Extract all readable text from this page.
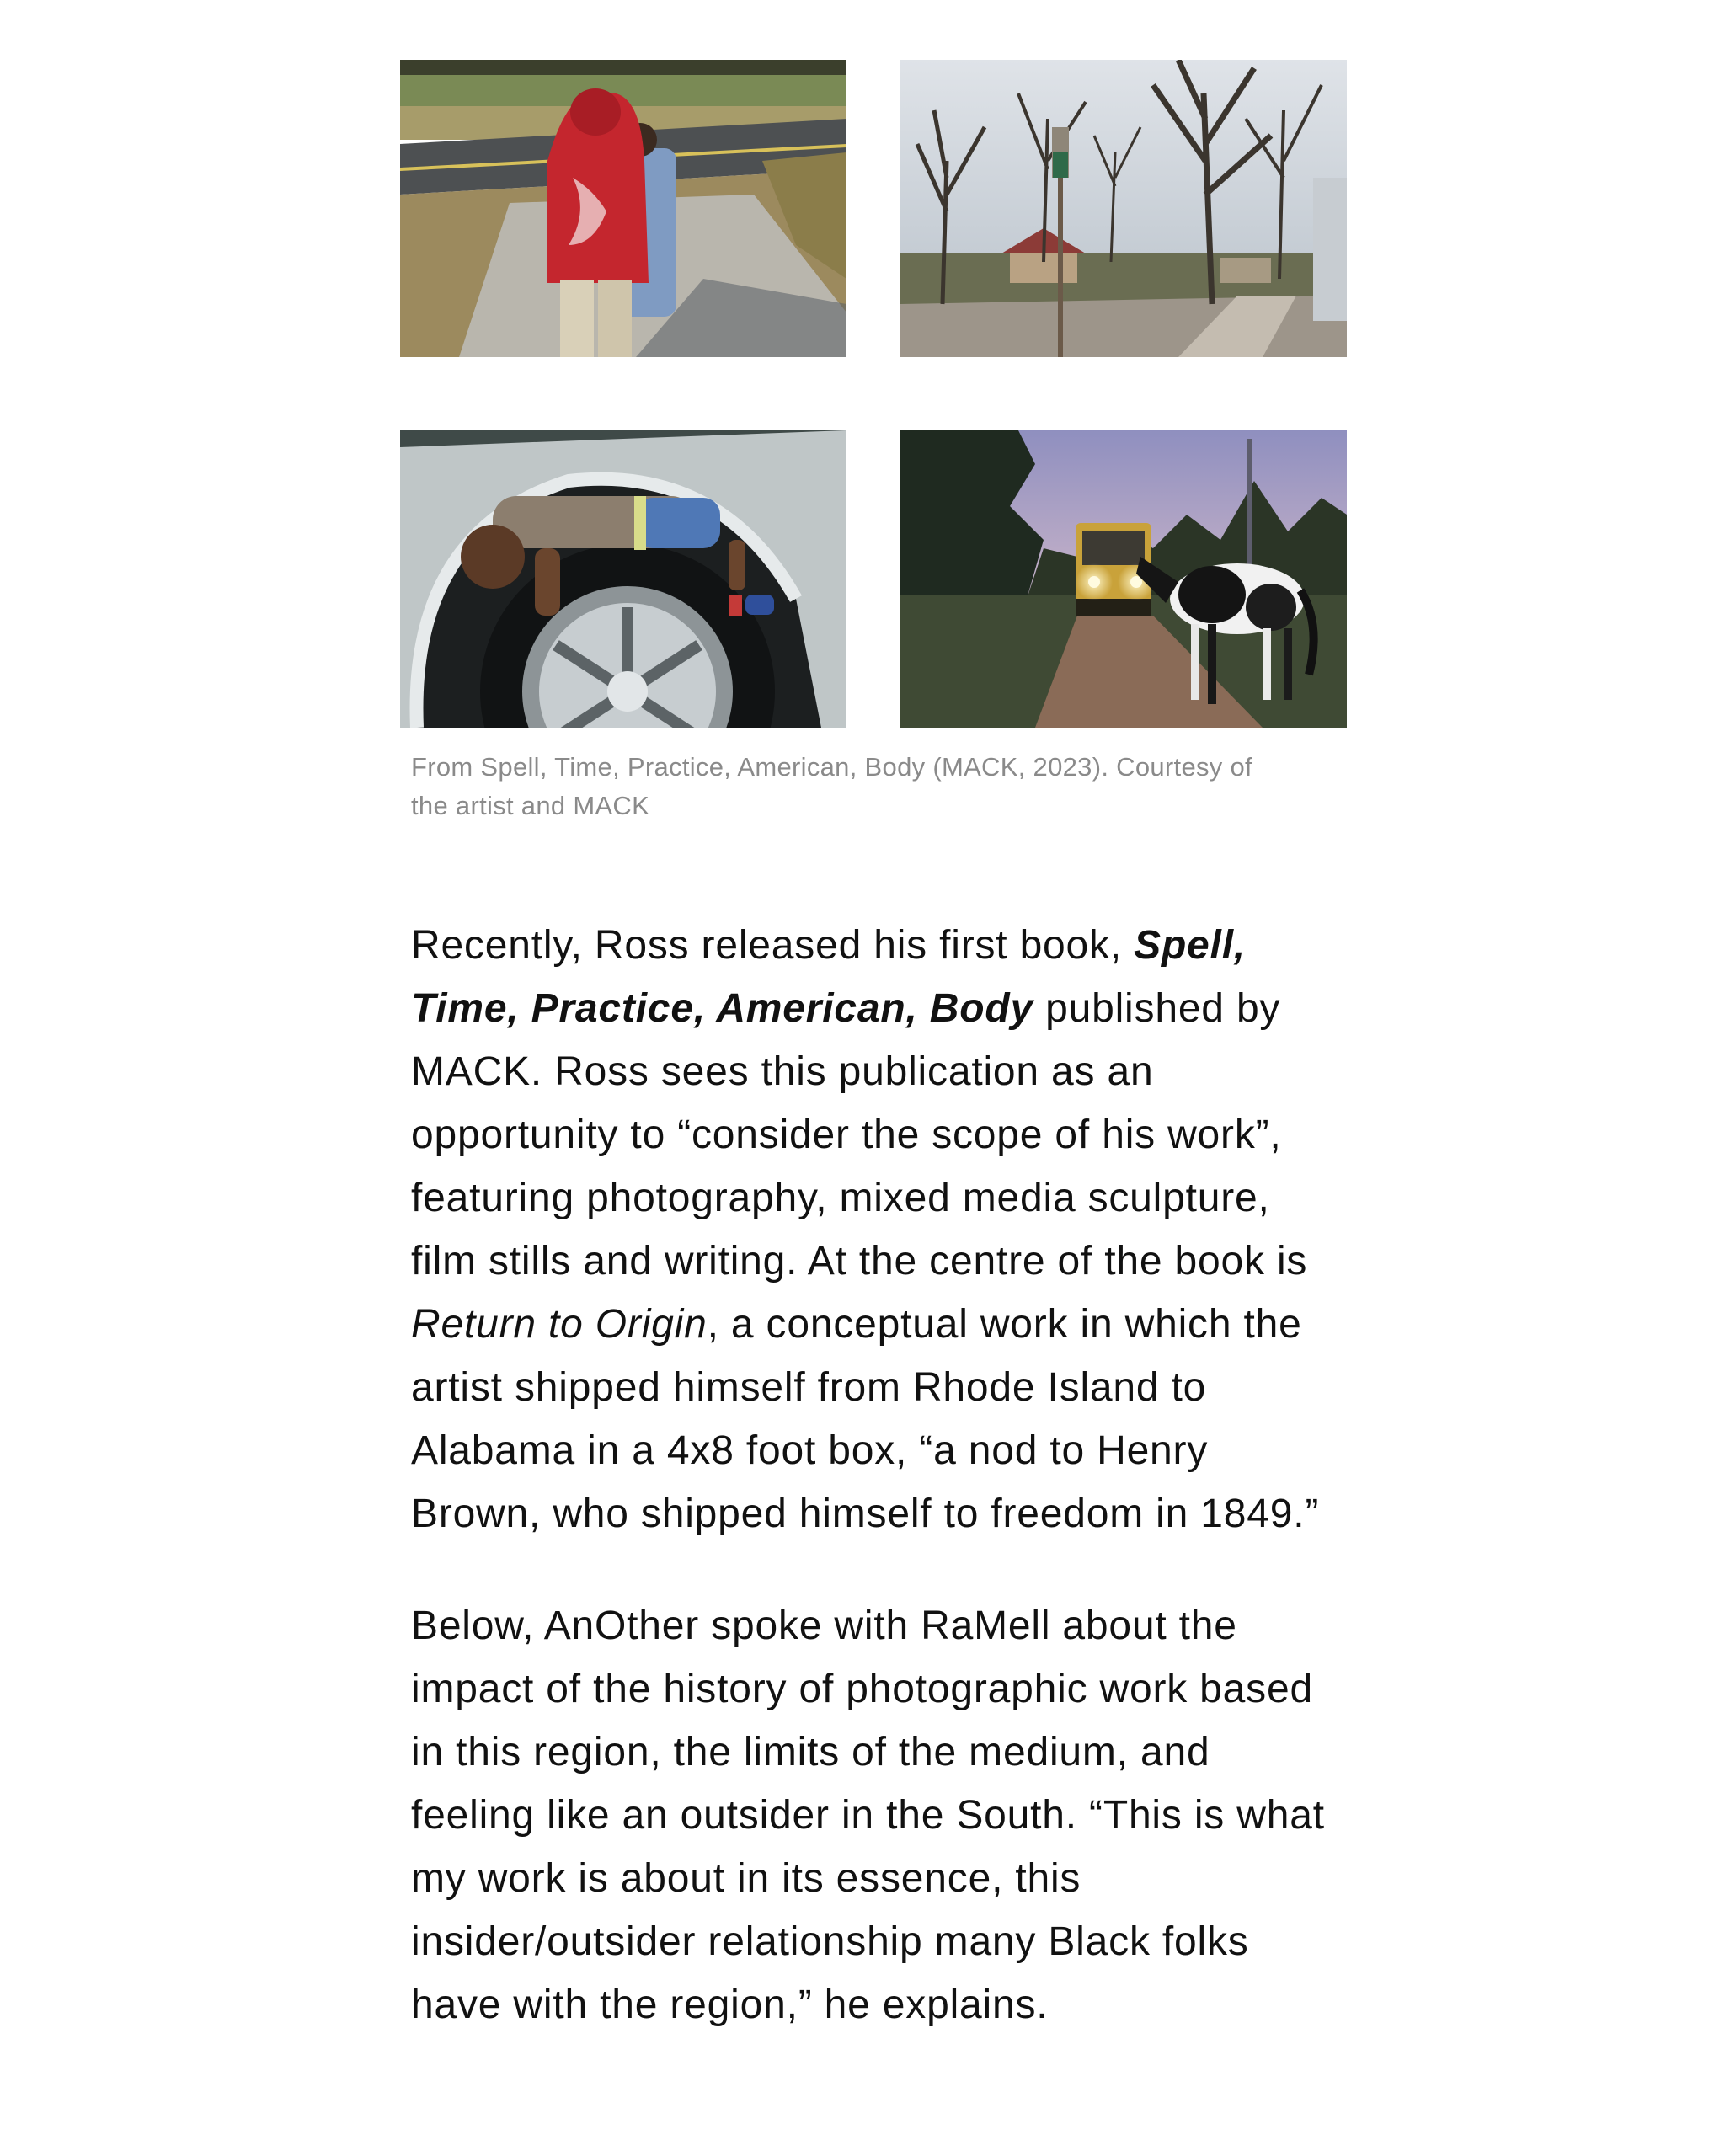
From Spell, Time, Practice, American, Body (MACK, 2023). Courtesy of the artist and MACK

Recently, Ross released his first book, Spell, Time, Practice, American, Body published by MACK. Ross sees this publication as an opportunity to “consider the scope of his work”, featuring photography, mixed media sculpture, film stills and writing. At the centre of the book is Return to Origin, a conceptual work in which the artist shipped himself from Rhode Island to Alabama in a 4x8 foot box, “a nod to Henry Brown, who shipped himself to freedom in 1849.”

Below, AnOther spoke with RaMell about the impact of the history of photographic work based in this region, the limits of the medium, and feeling like an outsider in the South. “This is what my work is about in its essence, this insider/outsider relationship many Black folks have with the region,” he explains.
